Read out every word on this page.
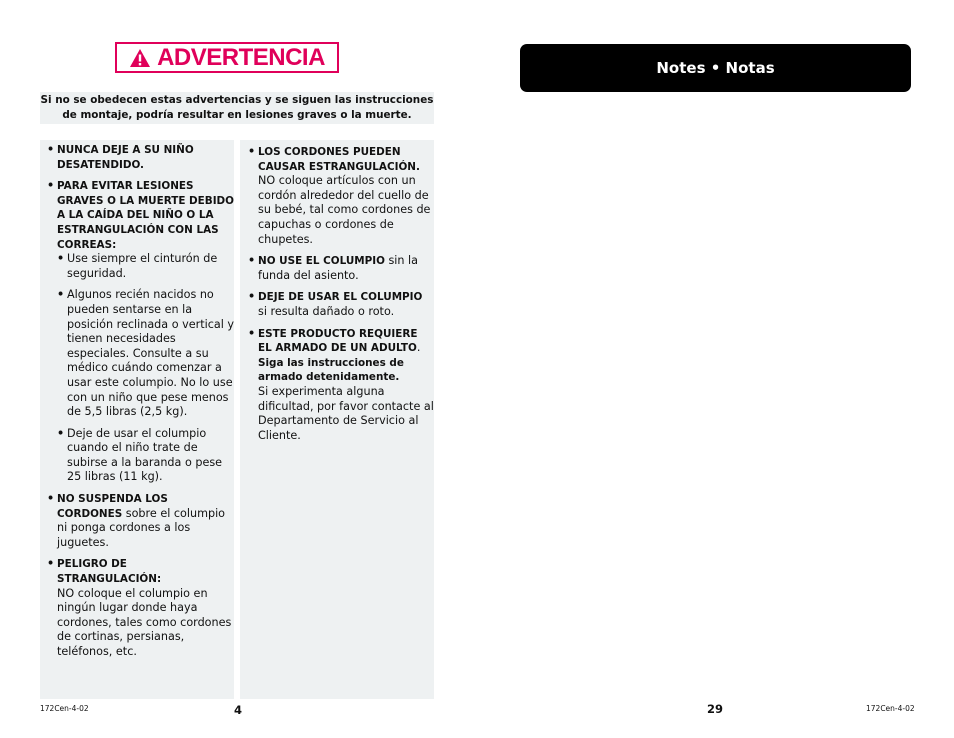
ADVERTENCIA
Si no se obedecen estas advertencias y se siguen las instrucciones
de montaje, podría resultar en lesiones graves o la muerte.
• NUNCA DEJE A SU NIÑO DESATENDIDO.
• PARA EVITAR LESIONES GRAVES O LA MUERTE DEBIDO A LA CAÍDA DEL NIÑO O LA ESTRANGULACIÓN CON LAS CORREAS:
• Use siempre el cinturón de seguridad.
• Algunos recién nacidos no pueden sentarse en la posición reclinada o vertical y tienen necesidades especiales. Consulte a su médico cuándo comenzar a usar este columpio. No lo use con un niño que pese menos de 5,5 libras (2,5 kg).
• Deje de usar el columpio cuando el niño trate de subirse a la baranda o pese 25 libras (11 kg).
• NO SUSPENDA LOS CORDONES sobre el columpio ni ponga cordones a los juguetes.
• PELIGRO DE STRANGULACIÓN:
NO coloque el columpio en ningún lugar donde haya cordones, tales como cordones de cortinas, persianas, teléfonos, etc.
• LOS CORDONES PUEDEN CAUSAR ESTRANGULACIÓN.
NO coloque artículos con un cordón alrededor del cuello de su bebé, tal como cordones de capuchas o cordones de chupetes.
• NO USE EL COLUMPIO sin la funda del asiento.
• DEJE DE USAR EL COLUMPIO
si resulta dañado o roto.
• ESTE PRODUCTO REQUIERE EL ARMADO DE UN ADULTO. Siga las instrucciones de armado detenidamente.
Si experimenta alguna dificultad, por favor contacte al Departamento de Servicio al Cliente.
Notes • Notas
172Cen-4-02	4	29	172Cen-4-02
